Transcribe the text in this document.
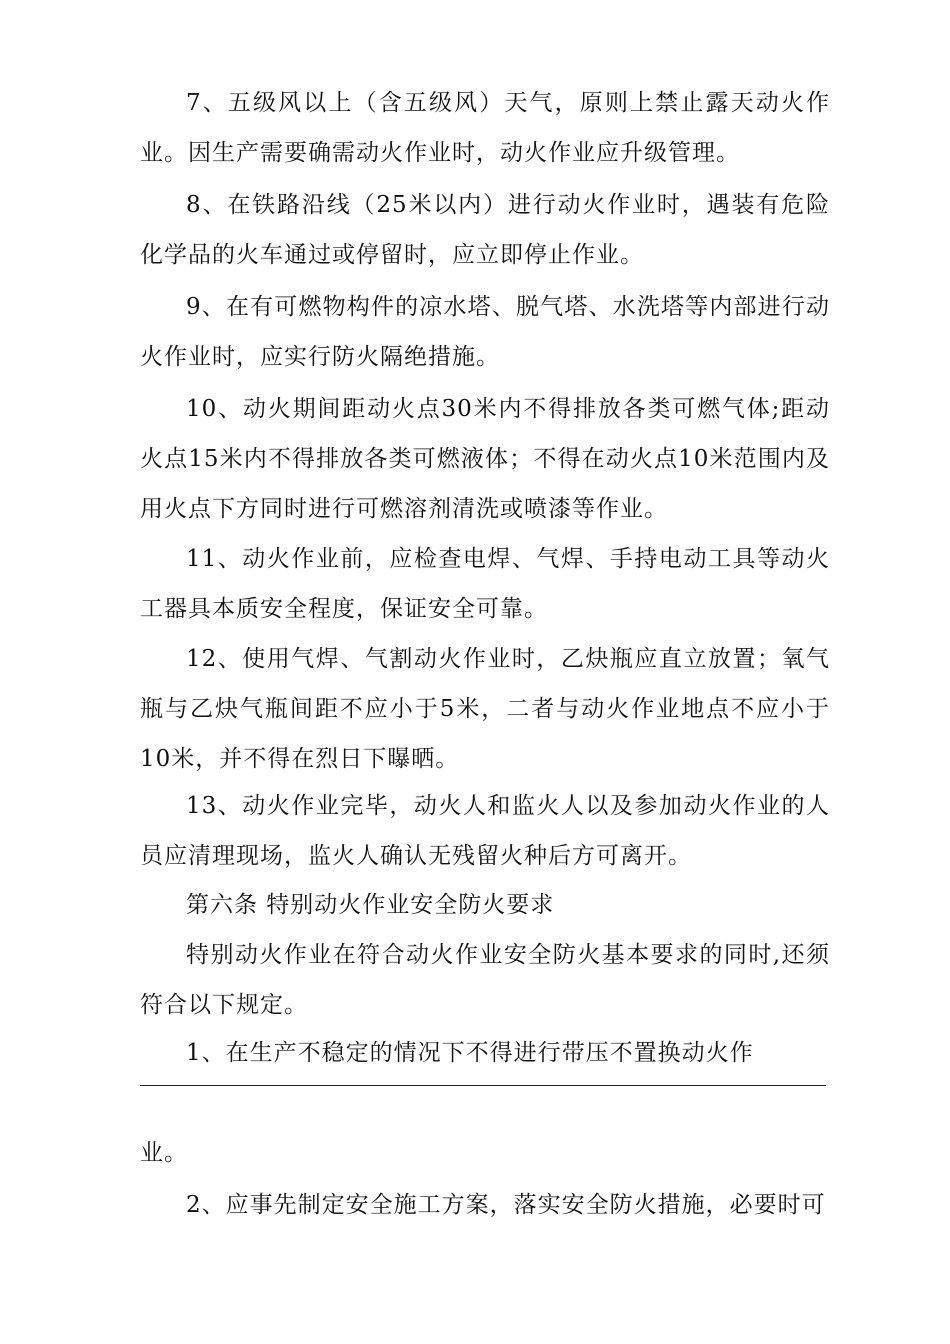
7、五级风以上（含五级风）天气，原则上禁止露天动火作业。因生产需要确需动火作业时，动火作业应升级管理。

8、在铁路沿线（25米以内）进行动火作业时，遇装有危险化学品的火车通过或停留时，应立即停止作业。

9、在有可燃物构件的凉水塔、脱气塔、水洗塔等内部进行动火作业时，应实行防火隔绝措施。

10、动火期间距动火点30米内不得排放各类可燃气体;距动火点15米内不得排放各类可燃液体；不得在动火点10米范围内及用火点下方同时进行可燃溶剂清洗或喷漆等作业。

11、动火作业前，应检查电焊、气焊、手持电动工具等动火工器具本质安全程度，保证安全可靠。

12、使用气焊、气割动火作业时，乙炔瓶应直立放置；氧气瓶与乙炔气瓶间距不应小于5米，二者与动火作业地点不应小于10米，并不得在烈日下曝晒。

13、动火作业完毕，动火人和监火人以及参加动火作业的人员应清理现场，监火人确认无残留火种后方可离开。

第六条 特别动火作业安全防火要求

特别动火作业在符合动火作业安全防火基本要求的同时,还须符合以下规定。

1、在生产不稳定的情况下不得进行带压不置换动火作

业。

2、应事先制定安全施工方案，落实安全防火措施，必要时可
